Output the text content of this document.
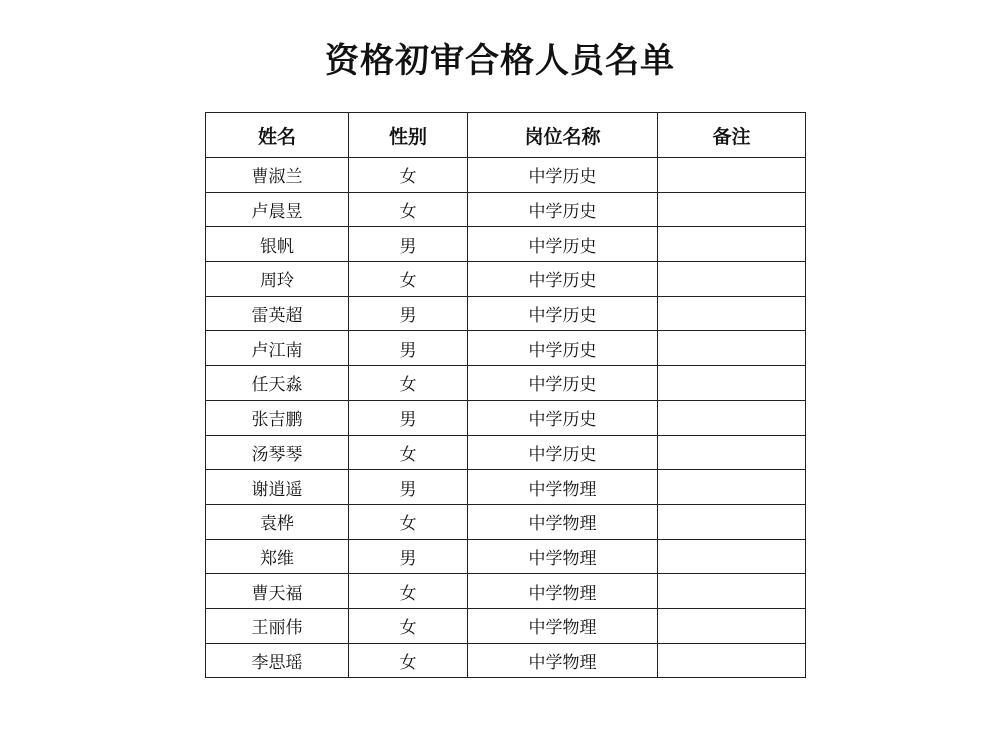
资格初审合格人员名单
姓名	性别	岗位名称	备注
曹淑兰	女	中学历史	
卢晨昱	女	中学历史	
银帆	男	中学历史	
周玲	女	中学历史	
雷英超	男	中学历史	
卢江南	男	中学历史	
任天淼	女	中学历史	
张吉鹏	男	中学历史	
汤琴琴	女	中学历史	
谢逍遥	男	中学物理	
袁桦	女	中学物理	
郑维	男	中学物理	
曹天福	女	中学物理	
王丽伟	女	中学物理	
李思瑶	女	中学物理	
